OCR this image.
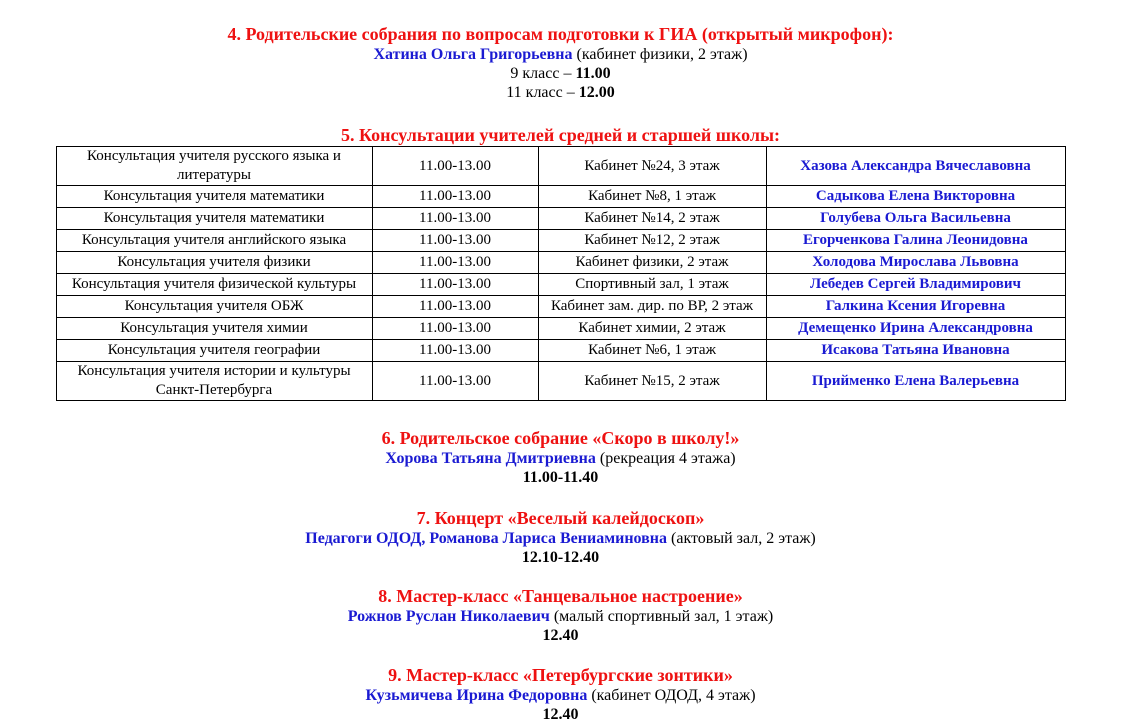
4. Родительские собрания по вопросам подготовки к ГИА (открытый микрофон):
Хатина Ольга Григорьевна (кабинет физики, 2 этаж)
9 класс – 11.00
11 класс – 12.00
5. Консультации учителей средней и старшей школы:
Консультация учителя русского языка и литературы	11.00-13.00	Кабинет №24, 3 этаж	Хазова Александра Вячеславовна
Консультация учителя математики	11.00-13.00	Кабинет №8, 1 этаж	Садыкова Елена Викторовна
Консультация учителя математики	11.00-13.00	Кабинет №14, 2 этаж	Голубева Ольга Васильевна
Консультация учителя английского языка	11.00-13.00	Кабинет №12, 2 этаж	Егорченкова Галина Леонидовна
Консультация учителя физики	11.00-13.00	Кабинет физики, 2 этаж	Холодова Мирослава Львовна
Консультация учителя физической культуры	11.00-13.00	Спортивный зал, 1 этаж	Лебедев Сергей Владимирович
Консультация учителя ОБЖ	11.00-13.00	Кабинет зам. дир. по ВР, 2 этаж	Галкина Ксения Игоревна
Консультация учителя химии	11.00-13.00	Кабинет химии, 2 этаж	Демещенко Ирина Александровна
Консультация учителя географии	11.00-13.00	Кабинет №6, 1 этаж	Исакова Татьяна Ивановна
Консультация учителя истории и культуры Санкт-Петербурга	11.00-13.00	Кабинет №15, 2 этаж	Прийменко Елена Валерьевна
6. Родительское собрание «Скоро в школу!»
Хорова Татьяна Дмитриевна (рекреация 4 этажа)
11.00-11.40
7. Концерт «Веселый калейдоскоп»
Педагоги ОДОД, Романова Лариса Вениаминовна (актовый зал, 2 этаж)
12.10-12.40
8. Мастер-класс «Танцевальное настроение»
Рожнов Руслан Николаевич (малый спортивный зал, 1 этаж)
12.40
9. Мастер-класс «Петербургские зонтики»
Кузьмичева Ирина Федоровна (кабинет ОДОД, 4 этаж)
12.40
